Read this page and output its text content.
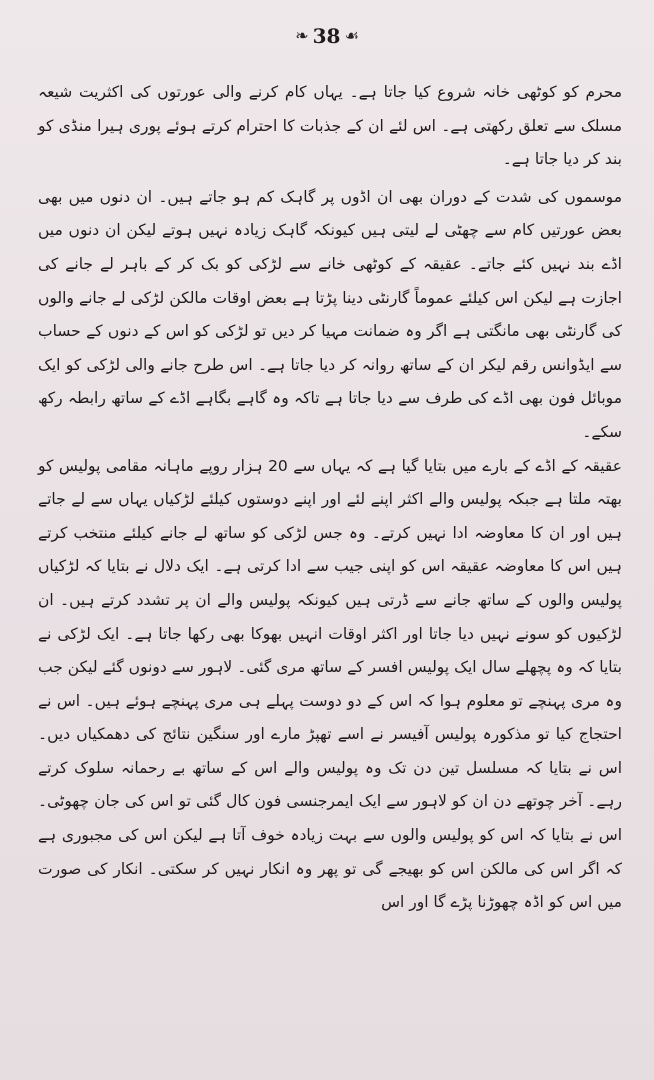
❧ 38 ☙

محرم کو کوٹھی خانہ شروع کیا جاتا ہے۔ یہاں کام کرنے والی عورتوں کی اکثریت شیعہ مسلک سے تعلق رکھتی ہے۔ اس لئے ان کے جذبات کا احترام کرتے ہوئے پوری ہیرا منڈی کو بند کر دیا جاتا ہے۔

موسموں کی شدت کے دوران بھی ان اڈوں پر گاہک کم ہو جاتے ہیں۔ ان دنوں میں بھی بعض عورتیں کام سے چھٹی لے لیتی ہیں کیونکہ گاہک زیادہ نہیں ہوتے لیکن ان دنوں میں اڈے بند نہیں کئے جاتے۔ عقیقہ کے کوٹھی خانے سے لڑکی کو بک کر کے باہر لے جانے کی اجازت ہے لیکن اس کیلئے عموماً گارنٹی دینا پڑتا ہے بعض اوقات مالکن لڑکی لے جانے والوں کی گارنٹی بھی مانگتی ہے اگر وہ ضمانت مہیا کر دیں تو لڑکی کو اس کے دنوں کے حساب سے ایڈوانس رقم لیکر ان کے ساتھ روانہ کر دیا جاتا ہے۔ اس طرح جانے والی لڑکی کو ایک موبائل فون بھی اڈے کی طرف سے دیا جاتا ہے تاکہ وہ گاہے بگاہے اڈے کے ساتھ رابطہ رکھ سکے۔

عقیقہ کے اڈے کے بارے میں بتایا گیا ہے کہ یہاں سے 20 ہزار روپے ماہانہ مقامی پولیس کو بھتہ ملتا ہے جبکہ پولیس والے اکثر اپنے لئے اور اپنے دوستوں کیلئے لڑکیاں یہاں سے لے جاتے ہیں اور ان کا معاوضہ ادا نہیں کرتے۔ وہ جس لڑکی کو ساتھ لے جانے کیلئے منتخب کرتے ہیں اس کا معاوضہ عقیقہ اس کو اپنی جیب سے ادا کرتی ہے۔ ایک دلال نے بتایا کہ لڑکیاں پولیس والوں کے ساتھ جانے سے ڈرتی ہیں کیونکہ پولیس والے ان پر تشدد کرتے ہیں۔ ان لڑکیوں کو سونے نہیں دیا جاتا اور اکثر اوقات انہیں بھوکا بھی رکھا جاتا ہے۔ ایک لڑکی نے بتایا کہ وہ پچھلے سال ایک پولیس افسر کے ساتھ مری گئی۔ لاہور سے دونوں گئے لیکن جب وہ مری پہنچے تو معلوم ہوا کہ اس کے دو دوست پہلے ہی مری پہنچے ہوئے ہیں۔ اس نے احتجاج کیا تو مذکورہ پولیس آفیسر نے اسے تھپڑ مارے اور سنگین نتائج کی دھمکیاں دیں۔ اس نے بتایا کہ مسلسل تین دن تک وہ پولیس والے اس کے ساتھ بے رحمانہ سلوک کرتے رہے۔ آخر چوتھے دن ان کو لاہور سے ایک ایمرجنسی فون کال گئی تو اس کی جان چھوٹی۔ اس نے بتایا کہ اس کو پولیس والوں سے بہت زیادہ خوف آتا ہے لیکن اس کی مجبوری ہے کہ اگر اس کی مالکن اس کو بھیجے گی تو پھر وہ انکار نہیں کر سکتی۔ انکار کی صورت میں اس کو اڈہ چھوڑنا پڑے گا اور اس
